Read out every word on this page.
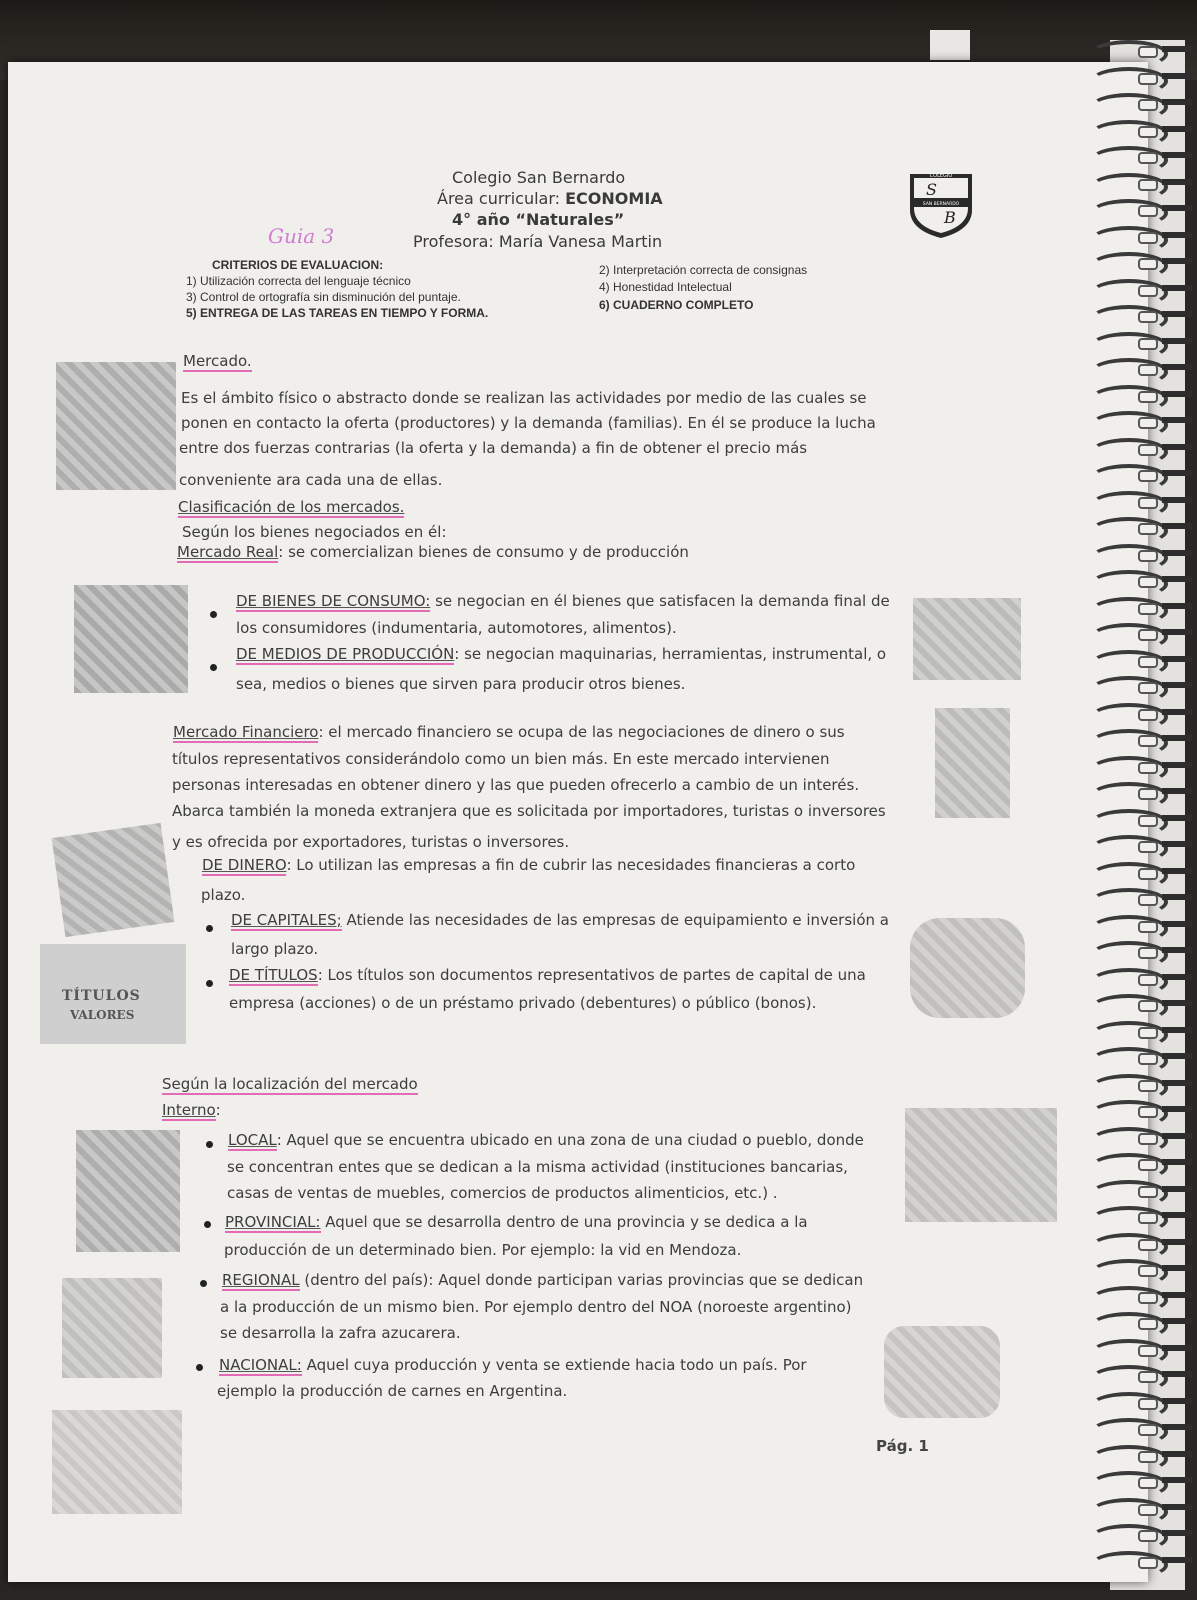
Colegio San Bernardo
Área curricular: ECONOMIA
4° año “Naturales”
Profesora: María Vanesa Martin
Guia 3
COLEGIO
S
SAN BERNARDO
B
CRITERIOS DE EVALUACION:
1) Utilización correcta del lenguaje técnico
2) Interpretación correcta de consignas
3) Control de ortografía sin disminución del puntaje.
4) Honestidad Intelectual
5) ENTREGA DE LAS TAREAS EN TIEMPO Y FORMA.
6) CUADERNO COMPLETO
Mercado.
Es el ámbito físico o abstracto donde se realizan las actividades por medio de las cuales se
ponen en contacto la oferta (productores) y la demanda (familias). En él se produce la lucha
entre dos fuerzas contrarias (la oferta y la demanda) a fin de obtener el precio más
conveniente ara cada una de ellas.
Clasificación de los mercados.
Según los bienes negociados en él:
Mercado Real: se comercializan bienes de consumo y de producción
DE BIENES DE CONSUMO: se negocian en él bienes que satisfacen la demanda final de
los consumidores (indumentaria, automotores, alimentos).
DE MEDIOS DE PRODUCCIÓN: se negocian maquinarias, herramientas, instrumental, o
sea, medios o bienes que sirven para producir otros bienes.
Mercado Financiero: el mercado financiero se ocupa de las negociaciones de dinero o sus
títulos representativos considerándolo como un bien más. En este mercado intervienen
personas interesadas en obtener dinero y las que pueden ofrecerlo a cambio de un interés.
Abarca también la moneda extranjera que es solicitada por importadores, turistas o inversores
y es ofrecida por exportadores, turistas o inversores.
DE DINERO: Lo utilizan las empresas a fin de cubrir las necesidades financieras a corto
plazo.
DE CAPITALES; Atiende las necesidades de las empresas de equipamiento e inversión a
largo plazo.
TÍTULOS
VALORES
DE TÍTULOS: Los títulos son documentos representativos de partes de capital de una
empresa (acciones) o de un préstamo privado (debentures) o público (bonos).
Según la localización del mercado
Interno:
LOCAL: Aquel que se encuentra ubicado en una zona de una ciudad o pueblo, donde
se concentran entes que se dedican a la misma actividad (instituciones bancarias,
casas de ventas de muebles, comercios de productos alimenticios, etc.) .
PROVINCIAL: Aquel que se desarrolla dentro de una provincia y se dedica a la
producción de un determinado bien. Por ejemplo: la vid en Mendoza.
REGIONAL (dentro del país): Aquel donde participan varias provincias que se dedican
a la producción de un mismo bien. Por ejemplo dentro del NOA (noroeste argentino)
se desarrolla la zafra azucarera.
NACIONAL: Aquel cuya producción y venta se extiende hacia todo un país. Por
ejemplo la producción de carnes en Argentina.
Pág. 1
